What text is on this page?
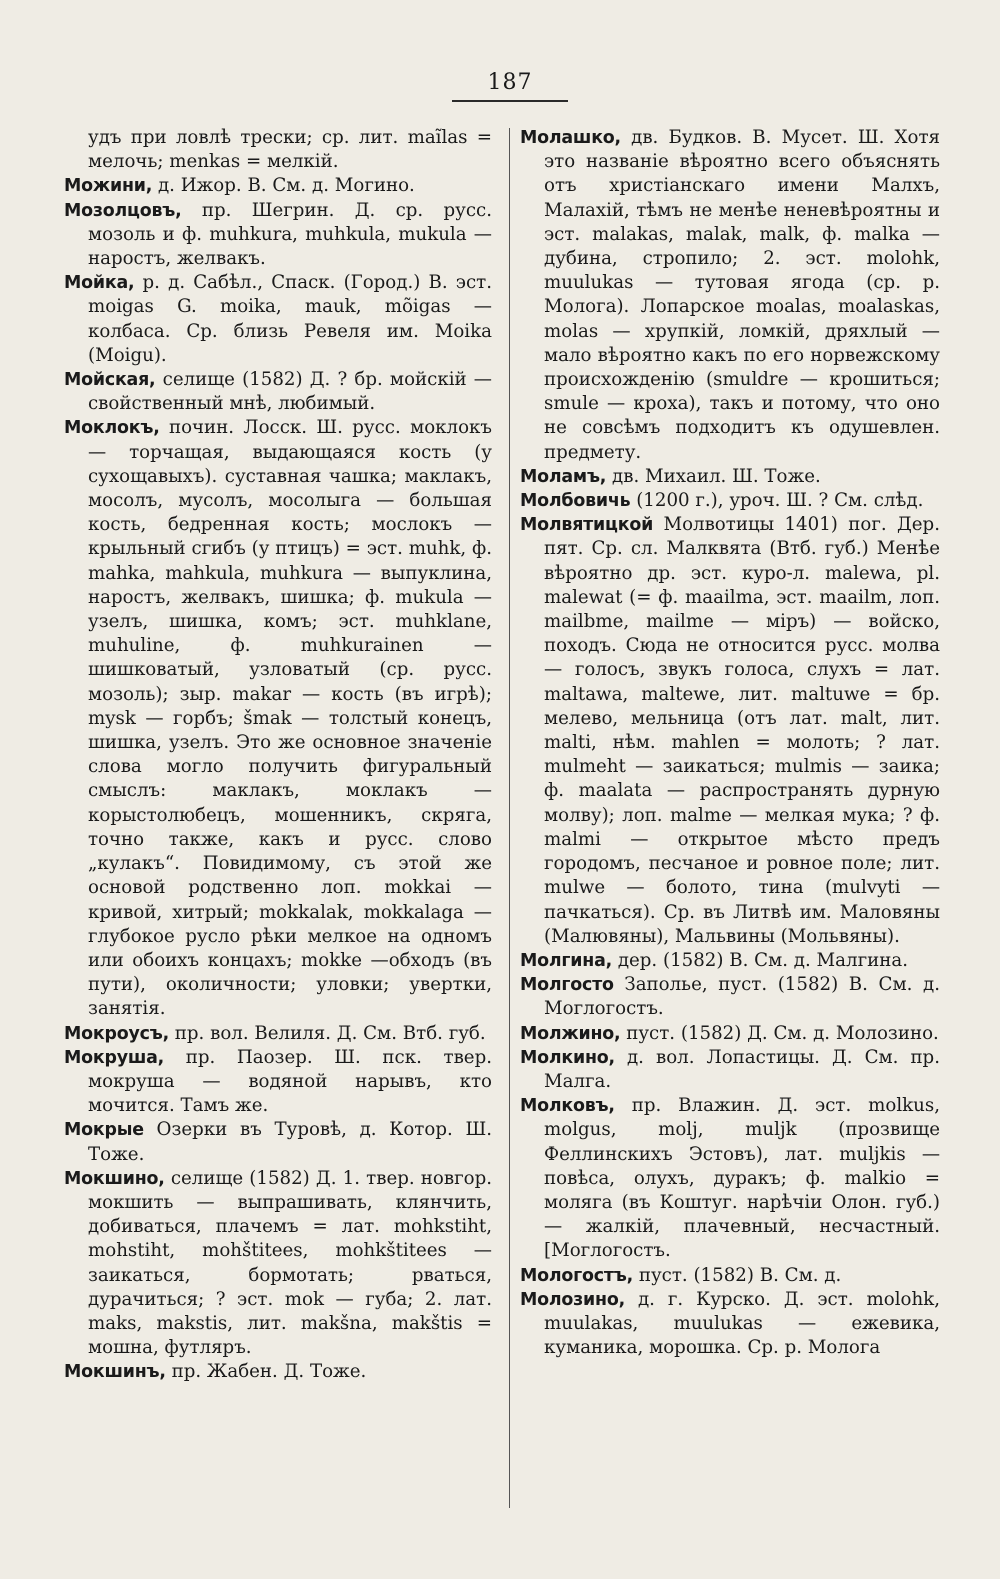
187
удъ при ловлѣ трески; ср. лит. maĩlas = мелочь; menkas = мелкій.
Можини, д. Ижор. В. См. д. Могино.
Мозолцовъ, пр. Шегрин. Д. ср. русс. мозоль и ф. muhkura, muhkula, mukula — наростъ, желвакъ.
Мойка, р. д. Сабѣл., Спаск. (Город.) В. эст. moigas G. moika, mauk, mõigas — колбаса. Ср. близь Ревеля им. Moika (Moigu).
Мойская, селище (1582) Д. ? бр. мойскій — свойственный мнѣ, любимый.
Моклокъ, почин. Лосск. Ш. русс. моклокъ — торчащая, выдающаяся кость (у сухощавыхъ). суставная чашка; маклакъ, мосолъ, мусолъ, мосолыга — большая кость, бедренная кость; мослокъ — крыльный сгибъ (у птицъ) = эст. muhk, ф. mahka, mahkula, muhkura — выпуклина, наростъ, желвакъ, шишка; ф. mukula — узелъ, шишка, комъ; эст. muhklane, muhuline, ф. muhkurainen — шишковатый, узловатый (ср. русс. мозоль); зыр. makar — кость (въ игрѣ); mysk — горбъ; šmak — толстый конецъ, шишка, узелъ. Это же основное значеніе слова могло получить фигуральный смыслъ: маклакъ, моклакъ — корыстолюбецъ, мошенникъ, скряга, точно также, какъ и русс. слово „кулакъ“. Повидимому, съ этой же основой родственно лоп. mokkai — кривой, хитрый; mokkalak, mokkalaga — глубокое русло рѣки мелкое на одномъ или обоихъ концахъ; mokke —обходъ (въ пути), околичности; уловки; увертки, занятія.
Мокроусъ, пр. вол. Велиля. Д. См. Втб. губ.
Мокруша, пр. Паозер. Ш. пск. твер. мокруша — водяной нарывъ, кто мочится. Тамъ же.
Мокрые Озерки въ Туровѣ, д. Котор. Ш. Тоже.
Мокшино, селище (1582) Д. 1. твер. новгор. мокшить — выпрашивать, клянчить, добиваться, плачемъ = лат. mohkstiht, mohstiht, mohštitees, mohkštitees — заикаться, бормотать; рваться, дурачиться; ? эст. mok — губа; 2. лат. maks, makstis, лит. makšna, makštis = мошна, футляръ.
Мокшинъ, пр. Жабен. Д. Тоже.
Молашко, дв. Будков. В. Мусет. Ш. Хотя это названіе вѣроятно всего объяснять отъ христіанскаго имени Малхъ, Малахій, тѣмъ не менѣе неневѣроятны и эст. malakas, malak, malk, ф. malka — дубина, стропило; 2. эст. molohk, muulukas — тутовая ягода (ср. р. Молога). Лопарское moalas, moalaskas, molas — хрупкій, ломкій, дряхлый — мало вѣроятно какъ по его норвежскому происхожденію (smuldre — крошиться; smule — кроха), такъ и потому, что оно не совсѣмъ подходитъ къ одушевлен. предмету.
Моламъ, дв. Михаил. Ш. Тоже.
Молбовичь (1200 г.), уроч. Ш. ? См. слѣд.
Молвятицкой Молвотицы 1401) пог. Дер. пят. Ср. сл. Малквята (Втб. губ.) Менѣе вѣроятно др. эст. куро-л. malewa, pl. malewat (= ф. maailma, эст. maailm, лоп. mailbme, mailme — міръ) — войско, походъ. Сюда не относится русс. молва — голосъ, звукъ голоса, слухъ = лат. maltawa, maltewe, лит. maltuwe = бр. мелево, мельница (отъ лат. malt, лит. malti, нѣм. mahlen = молоть; ? лат. mulmeht — заикаться; mulmis — заика; ф. maalata — распространять дурную молву); лоп. malme — мелкая мука; ? ф. malmi — открытое мѣсто предъ городомъ, песчаное и ровное поле; лит. mulwe — болото, тина (mulvyti — пачкаться). Ср. въ Литвѣ им. Маловяны (Малювяны), Мальвины (Мольвяны).
Молгина, дер. (1582) В. См. д. Малгина.
Молгосто Заполье, пуст. (1582) В. См. д. Моглогостъ.
Молжино, пуст. (1582) Д. См. д. Молозино.
Молкино, д. вол. Лопастицы. Д. См. пр. Малга.
Молковъ, пр. Влажин. Д. эст. molkus, molgus, molj, mulјk (прозвище Феллинскихъ Эстовъ), лат. muljkis — повѣса, олухъ, дуракъ; ф. malkio = моляга (въ Коштуг. нарѣчіи Олон. губ.) — жалкій, плачевный, несчастный. [Моглогостъ.
Мологостъ, пуст. (1582) В. См. д.
Молозино, д. г. Курско. Д. эст. molohk, muulakas, muulukas — ежевика, куманика, морошка. Ср. р. Молога
